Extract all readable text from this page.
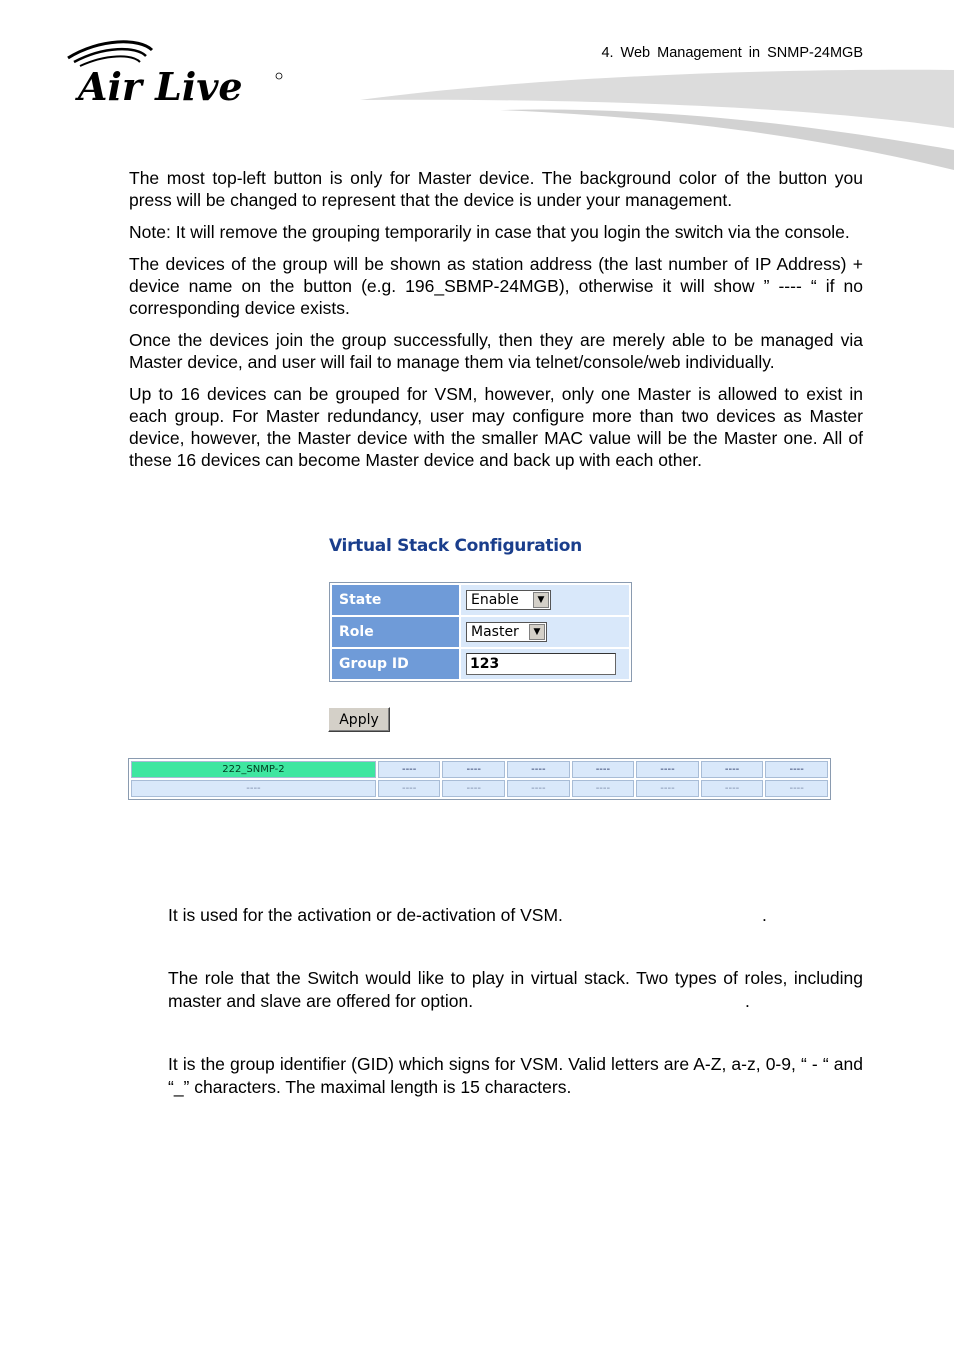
Air Live
4. Web Management in SNMP-24MGB

The most top-left button is only for Master device. The background color of the button you press will be changed to represent that the device is under your management.

Note: It will remove the grouping temporarily in case that you login the switch via the console.

The devices of the group will be shown as station address (the last number of IP Address) + device name on the button (e.g. 196_SBMP-24MGB), otherwise it will show ” ---- “ if no corresponding device exists.

Once the devices join the group successfully, then they are merely able to be managed via Master device, and user will fail to manage them via telnet/console/web individually.

Up to 16 devices can be grouped for VSM, however, only one Master is allowed to exist in each group. For Master redundancy, user may configure more than two devices as Master device, however, the Master device with the smaller MAC value will be the Master one. All of these 16 devices can become Master device and back up with each other.

Virtual Stack Configuration
State	Enable ▼

Role	Master ▼

Group ID	123
Apply
222_SNMP-2	----	----	----	----	----	----	----
----	----	----	----	----	----	----	----
It is used for the activation or de-activation of VSM.	.
The role that the Switch would like to play in virtual stack. Two types of roles, including master and slave are offered for option.	.
It is the group identifier (GID) which signs for VSM. Valid letters are A-Z, a-z, 0-9, “ - “ and “_” characters. The maximal length is 15 characters.
